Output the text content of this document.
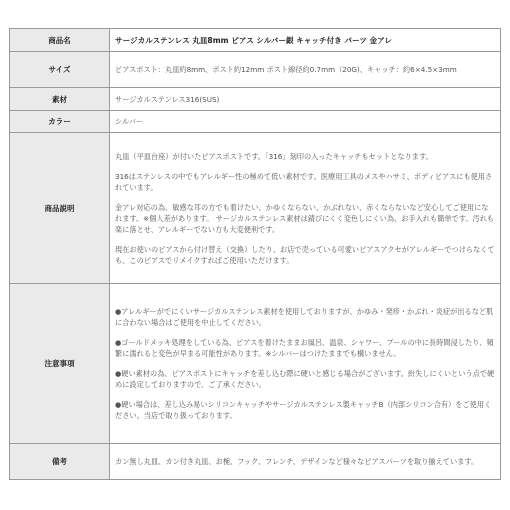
商品名	サージカルステンレス 丸皿8mm ピアス シルバー銀 キャッチ付き パーツ 金アレ
サイズ	ピアスポスト：丸皿約8mm、ポスト約12mm ポスト線径約0.7mm（20G)、キャッチ：約6×4.5×3mm
素材	サージカルステンレス316(SUS)
カラー	シルバー
商品説明	丸皿（平皿台座）が付いたピアスポストです。「316」刻印の入ったキャッチもセットとなります。

316はステンレスの中でもアレルギー性の極めて低い素材です。医療用工具のメスやハサミ、ボディピアスにも使用されています。

金アレ対応の為、敏感な耳の方でも着けたい、かゆくならない、かぶれない、赤くならないなど安心してご使用になれます。※個人差があります。 サージカルステンレス素材は錆びにくく変色しにくい為、お手入れも簡単です。汚れも楽に落とせ、アレルギーでない方も大変便利です。

現在お使いのピアスから付け替え（交換）したり、お店で売っている可愛いピアスアクセがアレルギーでつけらなくても、このピアスでリメイクすればご使用いただけます。

注意事項	●アレルギーがでにくいサージカルステンレス素材を使用しておりますが、かゆみ・発疹・かぶれ・炎症が出るなど肌に合わない場合はご使用を中止してください。

●ゴールドメッキ処理をしている為、ピアスを着けたままお風呂、温泉、シャワー、プールの中に長時間浸したり、頻繁に濡れると変色が早まる可能性があります。※シルバーはつけたままでも構いません。

●硬い素材の為、ピアスポストにキャッチを差し込む際に硬いと感じる場合がございます。紛失しにくいという点で硬めに設定しておりますので、ご了承ください。

●硬い場合は、差し込み易いシリコンキャッチやサージカルステンレス製キャッチB（内部シリコン合有）をご使用ください。当店で取り扱っております。

備考	カン無し丸皿、カン付き丸皿、お椀、フック、フレンチ、デザインなど様々なピアスパーツを取り揃えています。
